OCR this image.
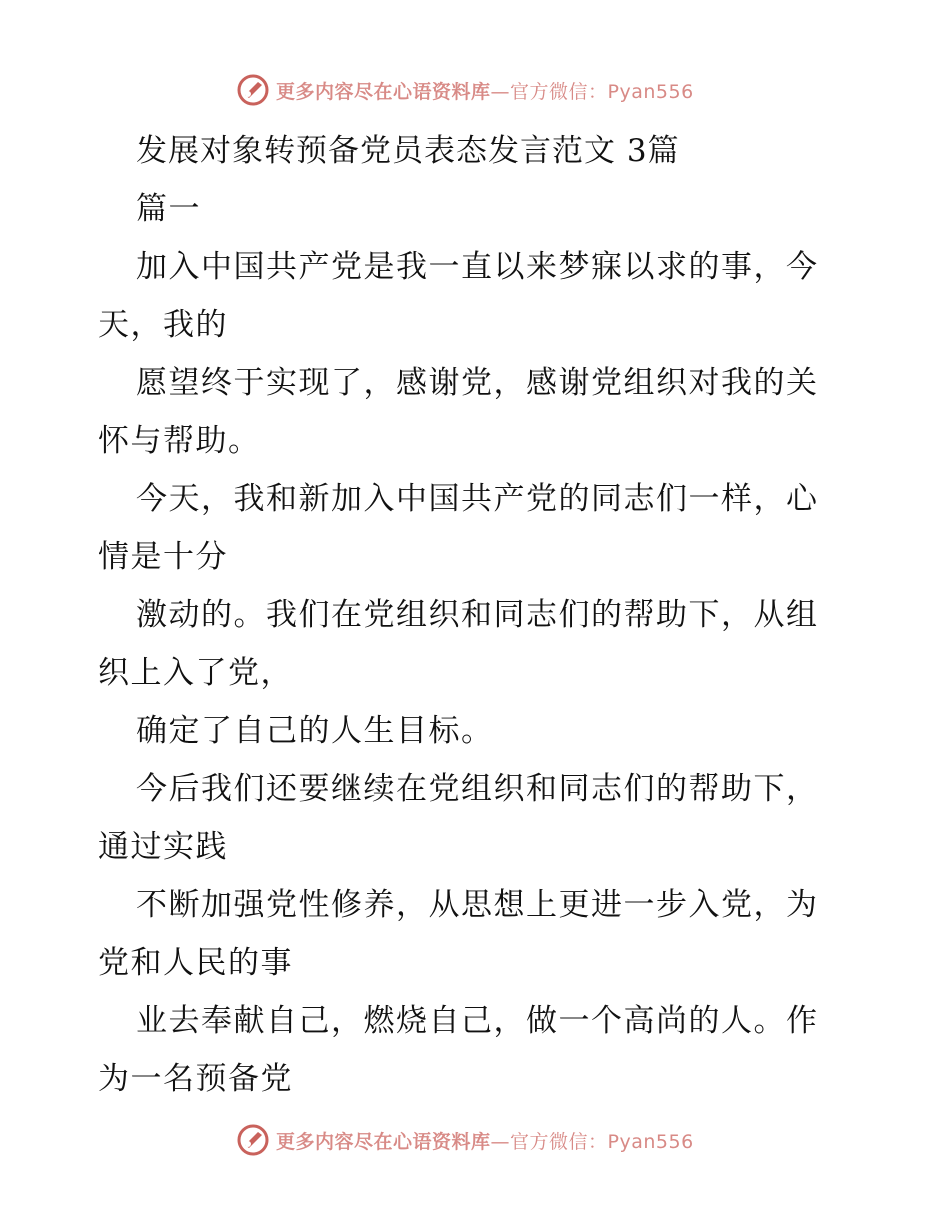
更多内容尽在心语资料库—官方微信：Pyan556
发展对象转预备党员表态发言范文 3篇
篇一
加入中国共产党是我一直以来梦寐以求的事，今
天，我的
愿望终于实现了，感谢党，感谢党组织对我的关
怀与帮助。
今天，我和新加入中国共产党的同志们一样，心
情是十分
激动的。我们在党组织和同志们的帮助下，从组
织上入了党，
确定了自己的人生目标。
今后我们还要继续在党组织和同志们的帮助下，
通过实践
不断加强党性修养，从思想上更进一步入党，为
党和人民的事
业去奉献自己，燃烧自己，做一个高尚的人。作
为一名预备党
更多内容尽在心语资料库—官方微信：Pyan556
